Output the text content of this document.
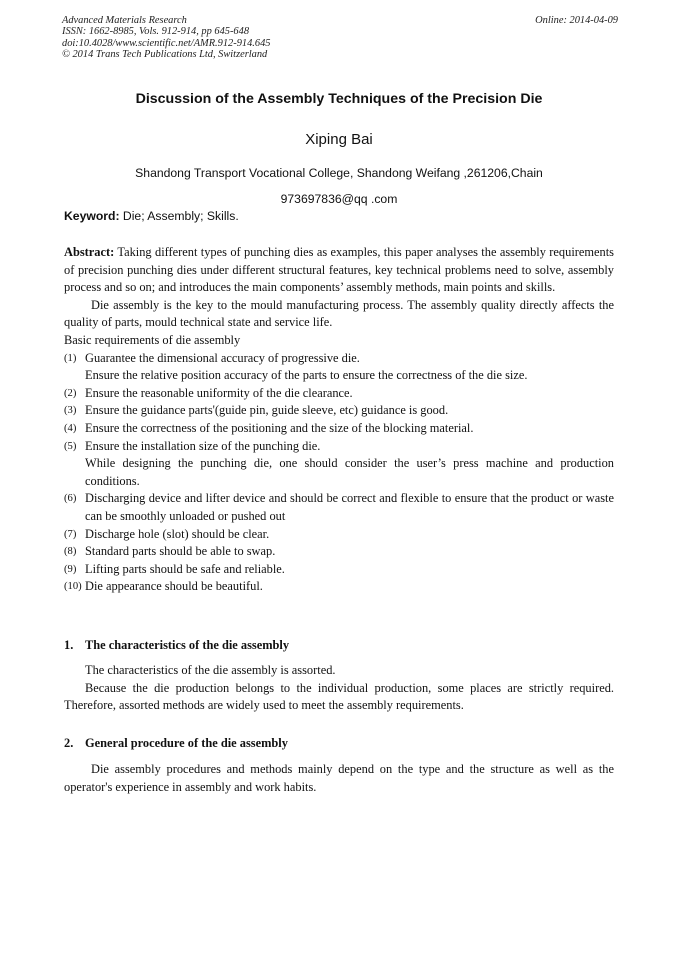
Advanced Materials Research
ISSN: 1662-8985, Vols. 912-914, pp 645-648
doi:10.4028/www.scientific.net/AMR.912-914.645
© 2014 Trans Tech Publications Ltd, Switzerland
Online: 2014-04-09
Discussion of the Assembly Techniques of the Precision Die
Xiping Bai
Shandong Transport Vocational College, Shandong Weifang ,261206,Chain
973697836@qq .com
Keyword: Die; Assembly; Skills.

Abstract: Taking different types of punching dies as examples, this paper analyses the assembly requirements of precision punching dies under different structural features, key technical problems need to solve, assembly process and so on; and introduces the main components’ assembly methods, main points and skills.

Die assembly is the key to the mould manufacturing process. The assembly quality directly affects the quality of parts, mould technical state and service life.

Basic requirements of die assembly

(1) Guarantee the dimensional accuracy of progressive die.
Ensure the relative position accuracy of the parts to ensure the correctness of the die size.
(2) Ensure the reasonable uniformity of the die clearance.
(3) Ensure the guidance parts'(guide pin, guide sleeve, etc) guidance is good.
(4) Ensure the correctness of the positioning and the size of the blocking material.
(5) Ensure the installation size of the punching die.
While designing the punching die, one should consider the user’s press machine and production conditions.
(6) Discharging device and lifter device and should be correct and flexible to ensure that the product or waste can be smoothly unloaded or pushed out
(7) Discharge hole (slot) should be clear.
(8) Standard parts should be able to swap.
(9) Lifting parts should be safe and reliable.
(10) Die appearance should be beautiful.
1. The characteristics of the die assembly

The characteristics of the die assembly is assorted.

Because the die production belongs to the individual production, some places are strictly required. Therefore, assorted methods are widely used to meet the assembly requirements.

2. General procedure of the die assembly

Die assembly procedures and methods mainly depend on the type and the structure as well as the operator's experience in assembly and work habits.
